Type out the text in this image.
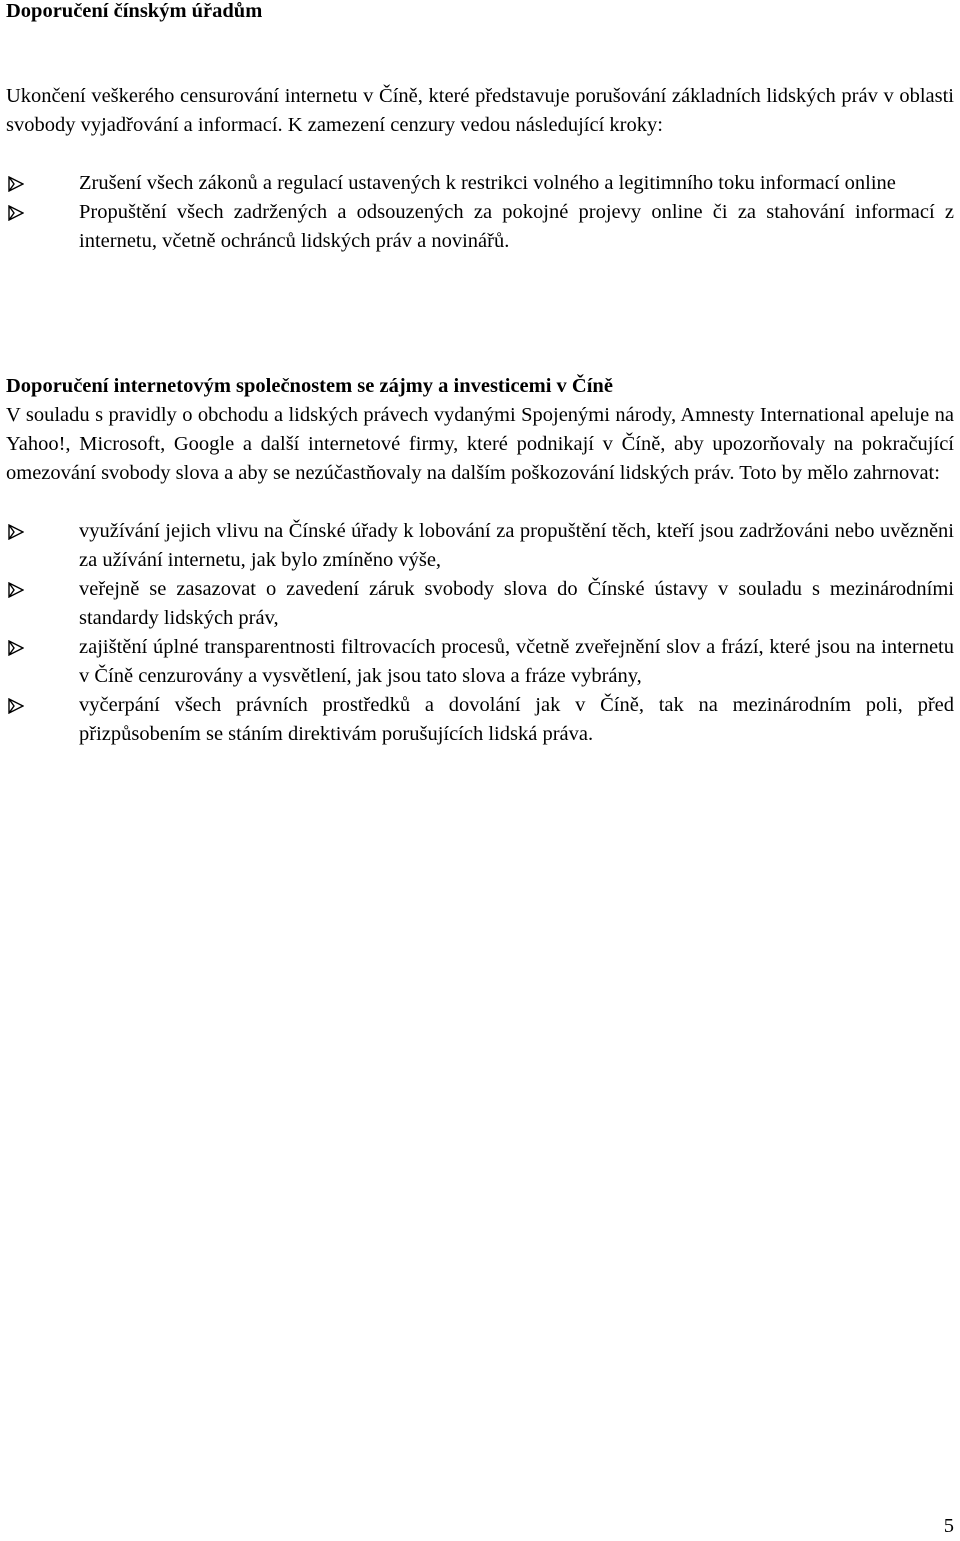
Doporučení čínským úřadům

Ukončení veškerého censurování internetu v Číně, které představuje porušování základních lidských práv v oblasti svobody vyjadřování a informací. K zamezení cenzury vedou následující kroky:

Zrušení všech zákonů a regulací ustavených k restrikci volného a legitimního toku informací online
Propuštění všech zadržených a odsouzených za pokojné projevy online či za stahování informací z internetu, včetně ochránců lidských práv a novinářů.
Doporučení internetovým společnostem se zájmy a investicemi v Číně

V souladu s pravidly o obchodu a lidských právech vydanými Spojenými národy, Amnesty International apeluje na Yahoo!, Microsoft, Google a další internetové firmy, které podnikají v Číně, aby upozorňovaly na pokračující omezování svobody slova a aby se nezúčastňovaly na dalším poškozování lidských práv. Toto by mělo zahrnovat:

využívání jejich vlivu na Čínské úřady k lobování za propuštění těch, kteří jsou zadržováni nebo uvězněni za užívání internetu, jak bylo zmíněno výše,
veřejně se zasazovat o zavedení záruk svobody slova do Čínské ústavy v souladu s mezinárodními standardy lidských práv,
zajištění úplné transparentnosti filtrovacích procesů, včetně zveřejnění slov a frází, které jsou na internetu v Číně cenzurovány a vysvětlení, jak jsou tato slova a fráze vybrány,
vyčerpání všech právních prostředků a dovolání jak v Číně, tak na mezinárodním poli, před přizpůsobením se stáním direktivám porušujících lidská práva.
5
